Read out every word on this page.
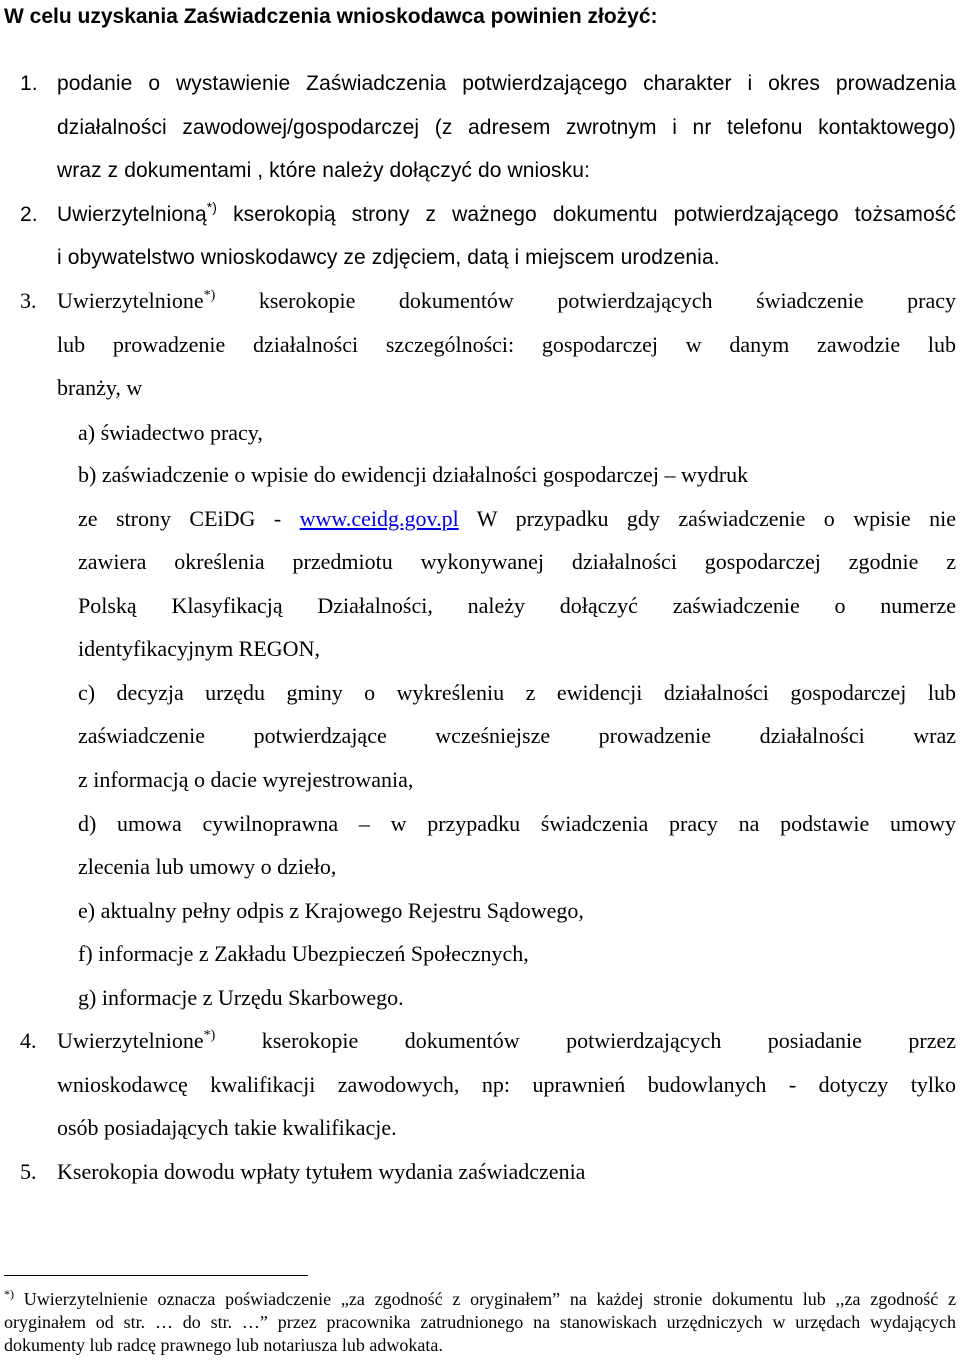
W celu uzyskania Zaświadczenia wnioskodawca powinien złożyć:
1. podanie o wystawienie Zaświadczenia potwierdzającego charakter i okres prowadzenia
działalności zawodowej/gospodarczej (z adresem zwrotnym i nr telefonu kontaktowego)
wraz z dokumentami , które należy dołączyć do wniosku:
2. Uwierzytelnioną*) kserokopią strony z ważnego dokumentu potwierdzającego tożsamość
i obywatelstwo wnioskodawcy ze zdjęciem, datą i miejscem urodzenia.
3. Uwierzytelnione*) kserokopie dokumentów potwierdzających świadczenie pracy
lub prowadzenie działalności szczególności: gospodarczej w danym zawodzie lub
branży, w
a) świadectwo pracy,
b) zaświadczenie o wpisie do ewidencji działalności gospodarczej – wydruk
ze strony CEiDG - www.ceidg.gov.pl W przypadku gdy zaświadczenie o wpisie nie
zawiera określenia przedmiotu wykonywanej działalności gospodarczej zgodnie z
Polską Klasyfikacją Działalności, należy dołączyć zaświadczenie o numerze
identyfikacyjnym REGON,
c) decyzja urzędu gminy o wykreśleniu z ewidencji działalności gospodarczej lub
zaświadczenie potwierdzające wcześniejsze prowadzenie działalności wraz
z informacją o dacie wyrejestrowania,
d) umowa cywilnoprawna – w przypadku świadczenia pracy na podstawie umowy
zlecenia lub umowy o dzieło,
e) aktualny pełny odpis z Krajowego Rejestru Sądowego,
f) informacje z Zakładu Ubezpieczeń Społecznych,
g) informacje z Urzędu Skarbowego.
4. Uwierzytelnione*) kserokopie dokumentów potwierdzających posiadanie przez
wnioskodawcę kwalifikacji zawodowych, np: uprawnień budowlanych - dotyczy tylko
osób posiadających takie kwalifikacje.
5. Kserokopia dowodu wpłaty tytułem wydania zaświadczenia
*) Uwierzytelnienie oznacza poświadczenie „za zgodność z oryginałem” na każdej stronie dokumentu lub ,,za zgodność z oryginałem od str. … do str. …” przez pracownika zatrudnionego na stanowiskach urzędniczych w urzędach wydających dokumenty lub radcę prawnego lub notariusza lub adwokata.
